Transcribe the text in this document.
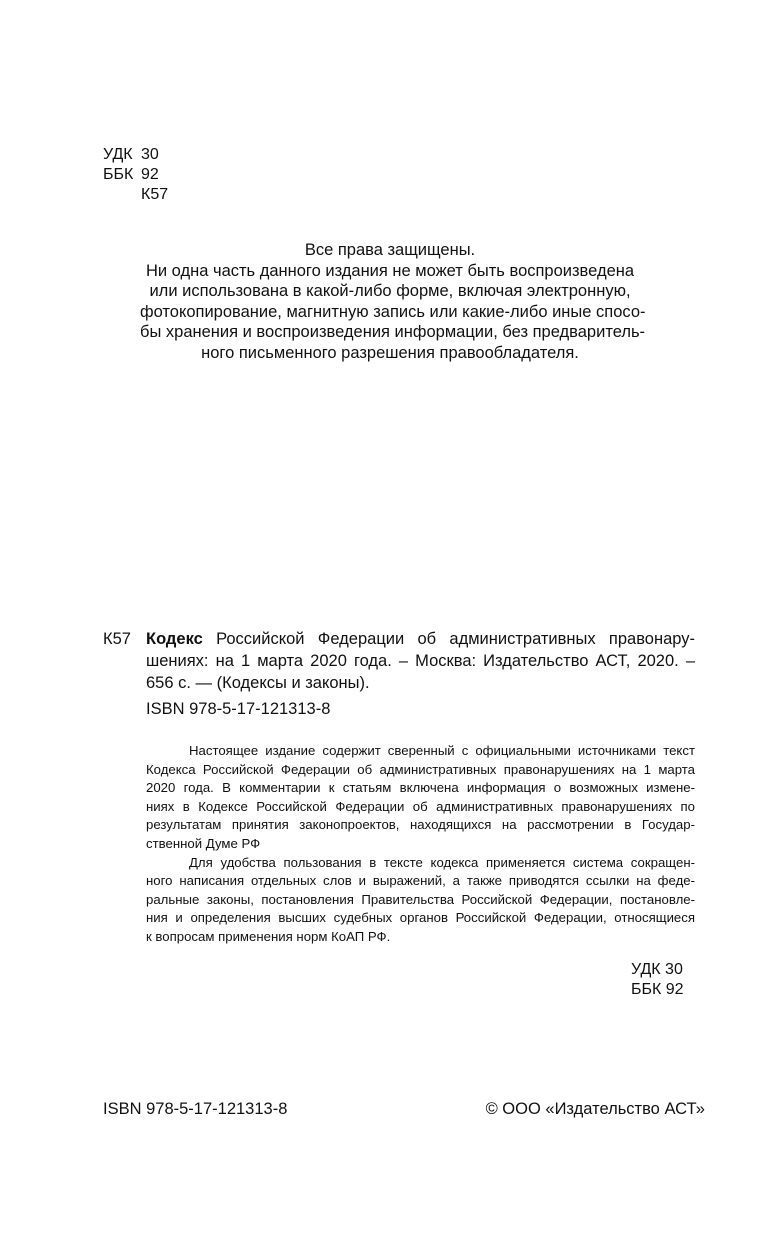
УДК 30
ББК 92
К57
Все права защищены.
Ни одна часть данного издания не может быть воспроизведена
или использована в какой-либо форме, включая электронную,
фотокопирование, магнитную запись или какие-либо иные спосо-
бы хранения и воспроизведения информации, без предваритель-
ного письменного разрешения правообладателя.
К57 Кодекс Российской Федерации об административных правонару-
шениях: на 1 марта 2020 года. – Москва: Издательство АСТ, 2020. –
656 с. — (Кодексы и законы).
ISBN 978-5-17-121313-8
Настоящее издание содержит сверенный с официальными источниками текст
Кодекса Российской Федерации об административных правонарушениях на 1 марта
2020 года. В комментарии к статьям включена информация о возможных измене-
ниях в Кодексе Российской Федерации об административных правонарушениях по
результатам принятия законопроектов, находящихся на рассмотрении в Государ-
ственной Думе РФ
Для удобства пользования в тексте кодекса применяется система сокращен-
ного написания отдельных слов и выражений, а также приводятся ссылки на феде-
ральные законы, постановления Правительства Российской Федерации, постановле-
ния и определения высших судебных органов Российской Федерации, относящиеся
к вопросам применения норм КоАП РФ.
УДК 30
ББК 92
ISBN 978-5-17-121313-8	© ООО «Издательство АСТ»
